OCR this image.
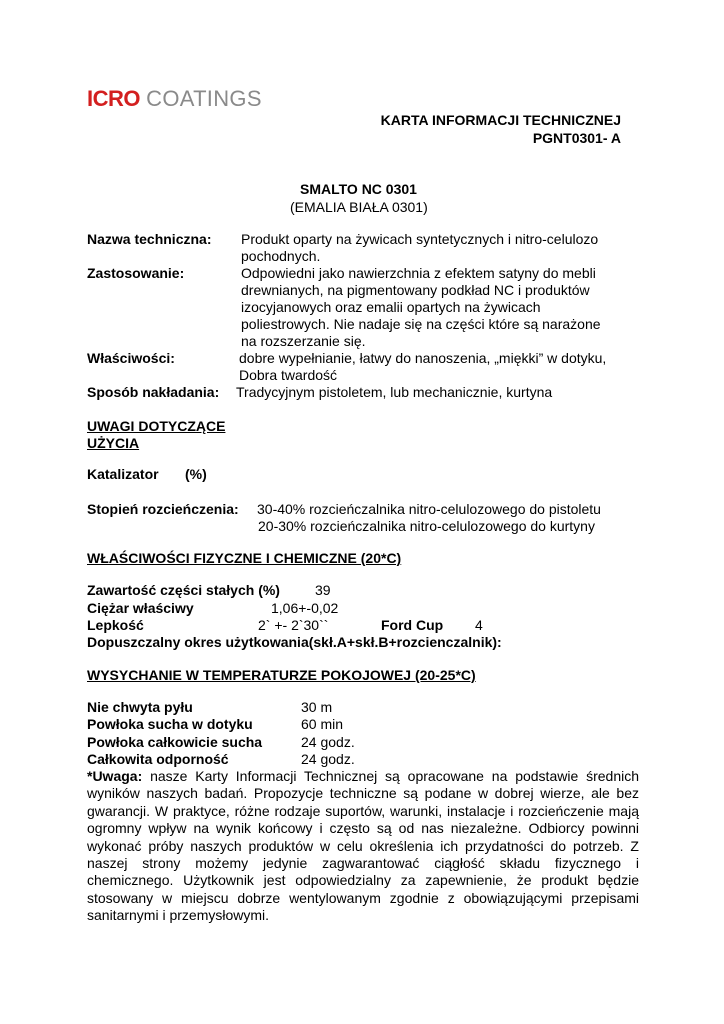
ICRO COATINGS
KARTA INFORMACJI TECHNICZNEJ
PGNT0301- A
SMALTO NC 0301
(EMALIA BIAŁA 0301)
Nazwa techniczna: Produkt oparty na żywicach syntetycznych i nitro-celulozo
pochodnych.
Zastosowanie:	Odpowiedni jako nawierzchnia z efektem satyny do mebli
drewnianych, na pigmentowany podkład NC i produktów
izocyjanowych oraz emalii opartych na żywicach
poliestrowych. Nie nadaje się na części które są narażone
na rozszerzanie się.
Właściwości:	dobre wypełnianie, łatwy do nanoszenia, „miękki” w dotyku,
Dobra twardość
Sposób nakładania: Tradycyjnym pistoletem, lub mechanicznie, kurtyna
UWAGI DOTYCZĄCE
UŻYCIA
Katalizator (%)
Stopień rozcieńczenia: 30-40% rozcieńczalnika nitro-celulozowego do pistoletu
20-30% rozcieńczalnika nitro-celulozowego do kurtyny
WŁAŚCIWOŚCI FIZYCZNE I CHEMICZNE (20*C)
Zawartość części stałych (%)	39
Ciężar właściwy	1,06+-0,02
Lepkość	2` +- 2`30``	Ford Cup 4
Dopuszczalny okres użytkowania(skł.A+skł.B+rozcienczalnik):
WYSYCHANIE W TEMPERATURZE POKOJOWEJ (20-25*C)
Nie chwyta pyłu	30 m
Powłoka sucha w dotyku	60 min
Powłoka całkowicie sucha	24 godz.
Całkowita odporność	24 godz.
*Uwaga: nasze Karty Informacji Technicznej są opracowane na podstawie średnich wyników naszych badań. Propozycje techniczne są podane w dobrej wierze, ale bez gwarancji. W praktyce, różne rodzaje suportów, warunki, instalacje i rozcieńczenie mają ogromny wpływ na wynik końcowy i często są od nas niezależne. Odbiorcy powinni wykonać próby naszych produktów w celu określenia ich przydatności do potrzeb. Z naszej strony możemy jedynie zagwarantować ciągłość składu fizycznego i chemicznego. Użytkownik jest odpowiedzialny za zapewnienie, że produkt będzie stosowany w miejscu dobrze wentylowanym zgodnie z obowiązującymi przepisami sanitarnymi i przemysłowymi.
